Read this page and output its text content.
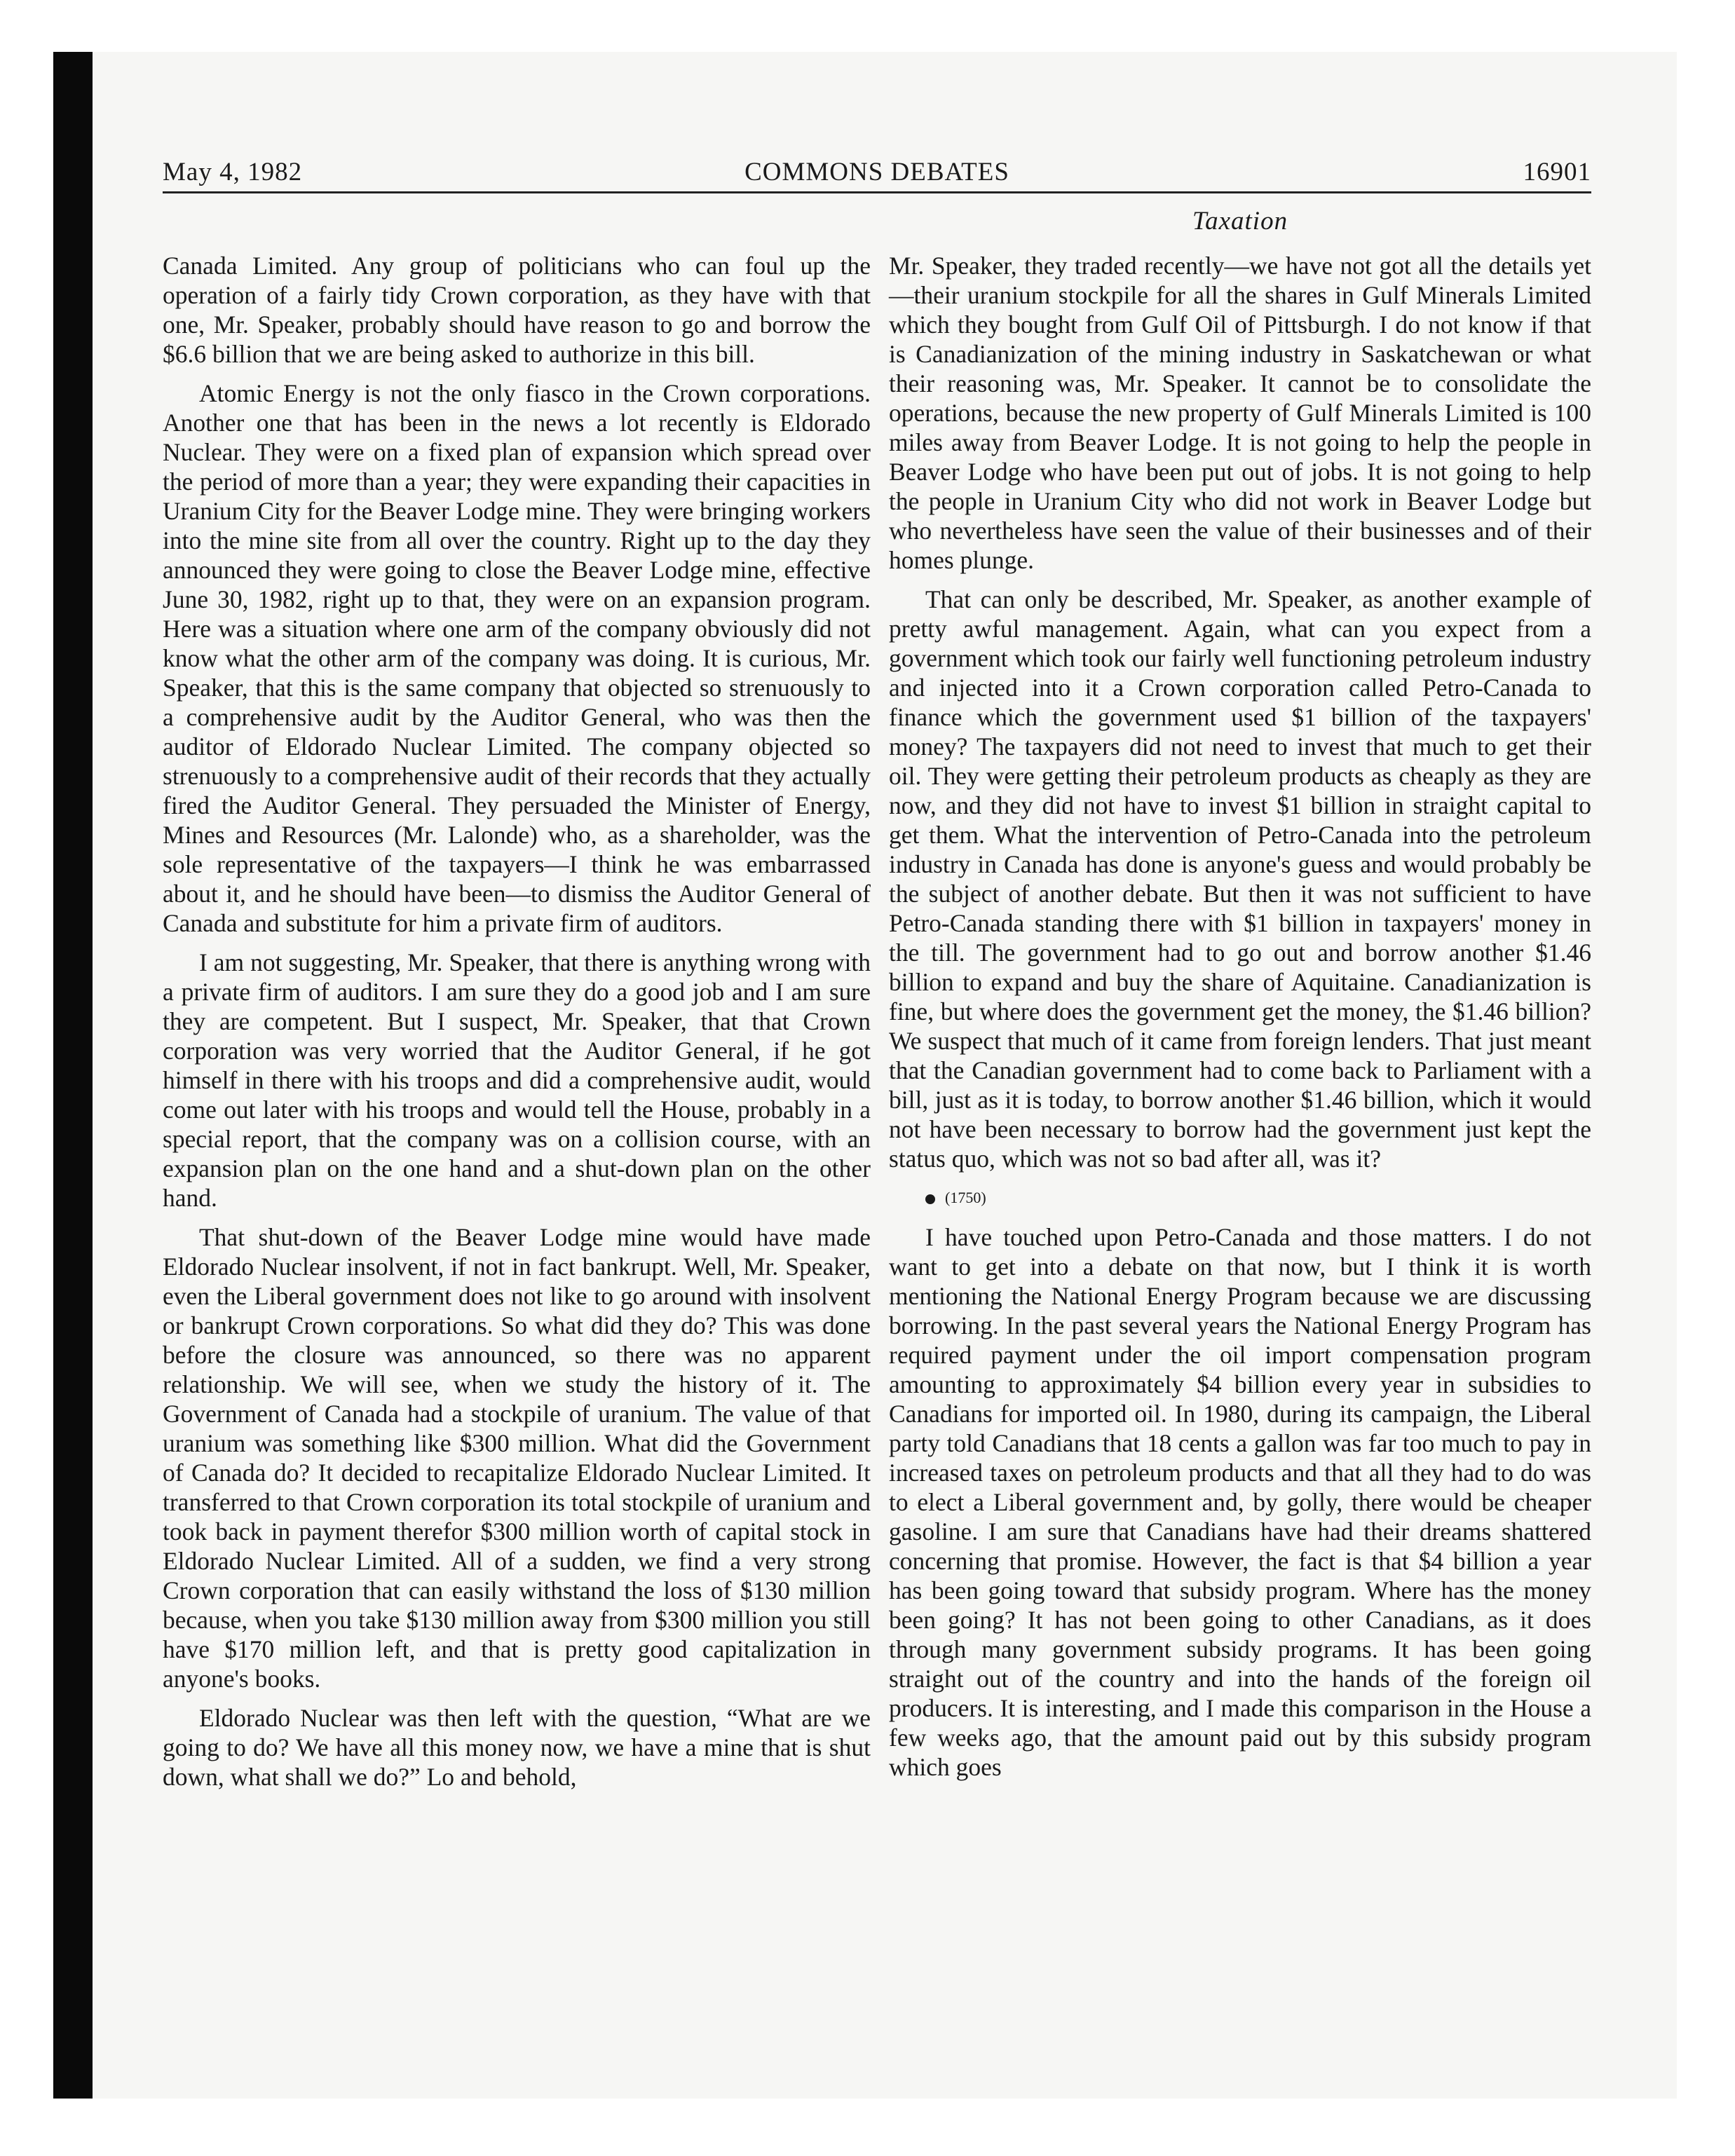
COMMONS DEBATES
May 4, 1982	16901
Taxation

Canada Limited. Any group of politicians who can foul up the operation of a fairly tidy Crown corporation, as they have with that one, Mr. Speaker, probably should have reason to go and borrow the $6.6 billion that we are being asked to authorize in this bill.

Atomic Energy is not the only fiasco in the Crown corporations. Another one that has been in the news a lot recently is Eldorado Nuclear. They were on a fixed plan of expansion which spread over the period of more than a year; they were expanding their capacities in Uranium City for the Beaver Lodge mine. They were bringing workers into the mine site from all over the country. Right up to the day they announced they were going to close the Beaver Lodge mine, effective June 30, 1982, right up to that, they were on an expansion program. Here was a situation where one arm of the company obviously did not know what the other arm of the company was doing. It is curious, Mr. Speaker, that this is the same company that objected so strenuously to a comprehensive audit by the Auditor General, who was then the auditor of Eldorado Nuclear Limited. The company objected so strenuously to a comprehensive audit of their records that they actually fired the Auditor General. They persuaded the Minister of Energy, Mines and Resources (Mr. Lalonde) who, as a shareholder, was the sole representative of the taxpayers—I think he was embarrassed about it, and he should have been—to dismiss the Auditor General of Canada and substitute for him a private firm of auditors.

I am not suggesting, Mr. Speaker, that there is anything wrong with a private firm of auditors. I am sure they do a good job and I am sure they are competent. But I suspect, Mr. Speaker, that that Crown corporation was very worried that the Auditor General, if he got himself in there with his troops and did a comprehensive audit, would come out later with his troops and would tell the House, probably in a special report, that the company was on a collision course, with an expansion plan on the one hand and a shut-down plan on the other hand.

That shut-down of the Beaver Lodge mine would have made Eldorado Nuclear insolvent, if not in fact bankrupt. Well, Mr. Speaker, even the Liberal government does not like to go around with insolvent or bankrupt Crown corporations. So what did they do? This was done before the closure was announced, so there was no apparent relationship. We will see, when we study the history of it. The Government of Canada had a stockpile of uranium. The value of that uranium was something like $300 million. What did the Government of Canada do? It decided to recapitalize Eldorado Nuclear Limited. It transferred to that Crown corporation its total stockpile of uranium and took back in payment therefor $300 million worth of capital stock in Eldorado Nuclear Limited. All of a sudden, we find a very strong Crown corporation that can easily withstand the loss of $130 million because, when you take $130 million away from $300 million you still have $170 million left, and that is pretty good capitalization in anyone's books.

Eldorado Nuclear was then left with the question, “What are we going to do? We have all this money now, we have a mine that is shut down, what shall we do?” Lo and behold,

Mr. Speaker, they traded recently—we have not got all the details yet—their uranium stockpile for all the shares in Gulf Minerals Limited which they bought from Gulf Oil of Pittsburgh. I do not know if that is Canadianization of the mining industry in Saskatchewan or what their reasoning was, Mr. Speaker. It cannot be to consolidate the operations, because the new property of Gulf Minerals Limited is 100 miles away from Beaver Lodge. It is not going to help the people in Beaver Lodge who have been put out of jobs. It is not going to help the people in Uranium City who did not work in Beaver Lodge but who nevertheless have seen the value of their businesses and of their homes plunge.

That can only be described, Mr. Speaker, as another example of pretty awful management. Again, what can you expect from a government which took our fairly well functioning petroleum industry and injected into it a Crown corporation called Petro-Canada to finance which the government used $1 billion of the taxpayers' money? The taxpayers did not need to invest that much to get their oil. They were getting their petroleum products as cheaply as they are now, and they did not have to invest $1 billion in straight capital to get them. What the intervention of Petro-Canada into the petroleum industry in Canada has done is anyone's guess and would probably be the subject of another debate. But then it was not sufficient to have Petro-Canada standing there with $1 billion in taxpayers' money in the till. The government had to go out and borrow another $1.46 billion to expand and buy the share of Aquitaine. Canadianization is fine, but where does the government get the money, the $1.46 billion? We suspect that much of it came from foreign lenders. That just meant that the Canadian government had to come back to Parliament with a bill, just as it is today, to borrow another $1.46 billion, which it would not have been necessary to borrow had the government just kept the status quo, which was not so bad after all, was it?

(1750)

I have touched upon Petro-Canada and those matters. I do not want to get into a debate on that now, but I think it is worth mentioning the National Energy Program because we are discussing borrowing. In the past several years the National Energy Program has required payment under the oil import compensation program amounting to approximately $4 billion every year in subsidies to Canadians for imported oil. In 1980, during its campaign, the Liberal party told Canadians that 18 cents a gallon was far too much to pay in increased taxes on petroleum products and that all they had to do was to elect a Liberal government and, by golly, there would be cheaper gasoline. I am sure that Canadians have had their dreams shattered concerning that promise. However, the fact is that $4 billion a year has been going toward that subsidy program. Where has the money been going? It has not been going to other Canadians, as it does through many government subsidy programs. It has been going straight out of the country and into the hands of the foreign oil producers. It is interesting, and I made this comparison in the House a few weeks ago, that the amount paid out by this subsidy program which goes
